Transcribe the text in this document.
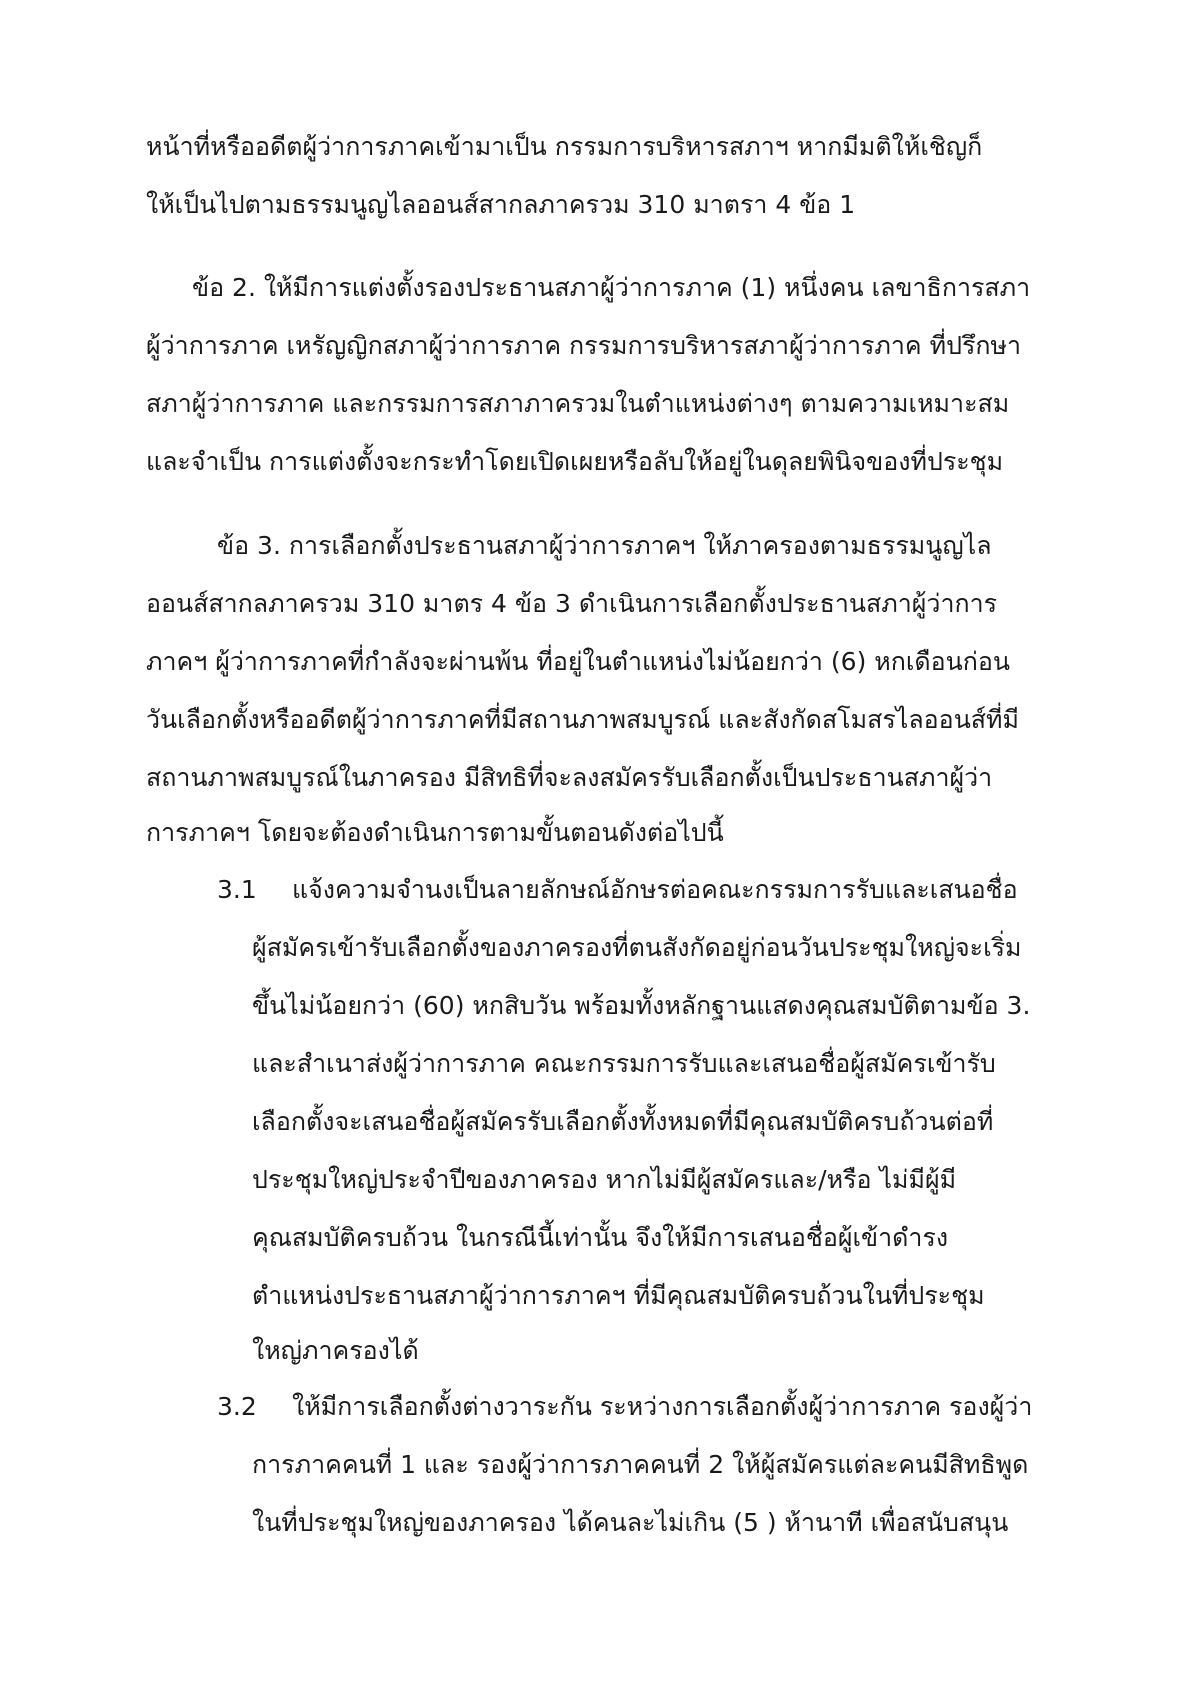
หน้าที่หรืออดีตผู้ว่าการภาคเข้ามาเป็น กรรมการบริหารสภาฯ หากมีมติให้เชิญก็
ให้เป็นไปตามธรรมนูญไลออนส์สากลภาครวม 310 มาตรา 4 ข้อ 1
ข้อ 2. ให้มีการแต่งตั้งรองประธานสภาผู้ว่าการภาค (1) หนึ่งคน เลขาธิการสภา
ผู้ว่าการภาค เหรัญญิกสภาผู้ว่าการภาค กรรมการบริหารสภาผู้ว่าการภาค ที่ปรึกษา
สภาผู้ว่าการภาค และกรรมการสภาภาครวมในตำแหน่งต่างๆ ตามความเหมาะสม
และจำเป็น การแต่งตั้งจะกระทำโดยเปิดเผยหรือลับให้อยู่ในดุลยพินิจของที่ประชุม
ข้อ 3. การเลือกตั้งประธานสภาผู้ว่าการภาคฯ ให้ภาครองตามธรรมนูญไล
ออนส์สากลภาครวม 310 มาตร 4 ข้อ 3 ดำเนินการเลือกตั้งประธานสภาผู้ว่าการ
ภาคฯ ผู้ว่าการภาคที่กำลังจะผ่านพ้น ที่อยู่ในตำแหน่งไม่น้อยกว่า (6) หกเดือนก่อน
วันเลือกตั้งหรืออดีตผู้ว่าการภาคที่มีสถานภาพสมบูรณ์ และสังกัดสโมสรไลออนส์ที่มี
สถานภาพสมบูรณ์ในภาครอง มีสิทธิที่จะลงสมัครรับเลือกตั้งเป็นประธานสภาผู้ว่า
การภาคฯ โดยจะต้องดำเนินการตามขั้นตอนดังต่อไปนี้
3.1 แจ้งความจำนงเป็นลายลักษณ์อักษรต่อคณะกรรมการรับและเสนอชื่อ
ผู้สมัครเข้ารับเลือกตั้งของภาครองที่ตนสังกัดอยู่ก่อนวันประชุมใหญ่จะเริ่ม
ขึ้นไม่น้อยกว่า (60) หกสิบวัน พร้อมทั้งหลักฐานแสดงคุณสมบัติตามข้อ 3.
และสำเนาส่งผู้ว่าการภาค คณะกรรมการรับและเสนอชื่อผู้สมัครเข้ารับ
เลือกตั้งจะเสนอชื่อผู้สมัครรับเลือกตั้งทั้งหมดที่มีคุณสมบัติครบถ้วนต่อที่
ประชุมใหญ่ประจำปีของภาครอง หากไม่มีผู้สมัครและ/หรือ ไม่มีผู้มี
คุณสมบัติครบถ้วน ในกรณีนี้เท่านั้น จึงให้มีการเสนอชื่อผู้เข้าดำรง
ตำแหน่งประธานสภาผู้ว่าการภาคฯ ที่มีคุณสมบัติครบถ้วนในที่ประชุม
ใหญ่ภาครองได้
3.2 ให้มีการเลือกตั้งต่างวาระกัน ระหว่างการเลือกตั้งผู้ว่าการภาค รองผู้ว่า
การภาคคนที่ 1 และ รองผู้ว่าการภาคคนที่ 2 ให้ผู้สมัครแต่ละคนมีสิทธิพูด
ในที่ประชุมใหญ่ของภาครอง ได้คนละไม่เกิน (5 ) ห้านาที เพื่อสนับสนุน
